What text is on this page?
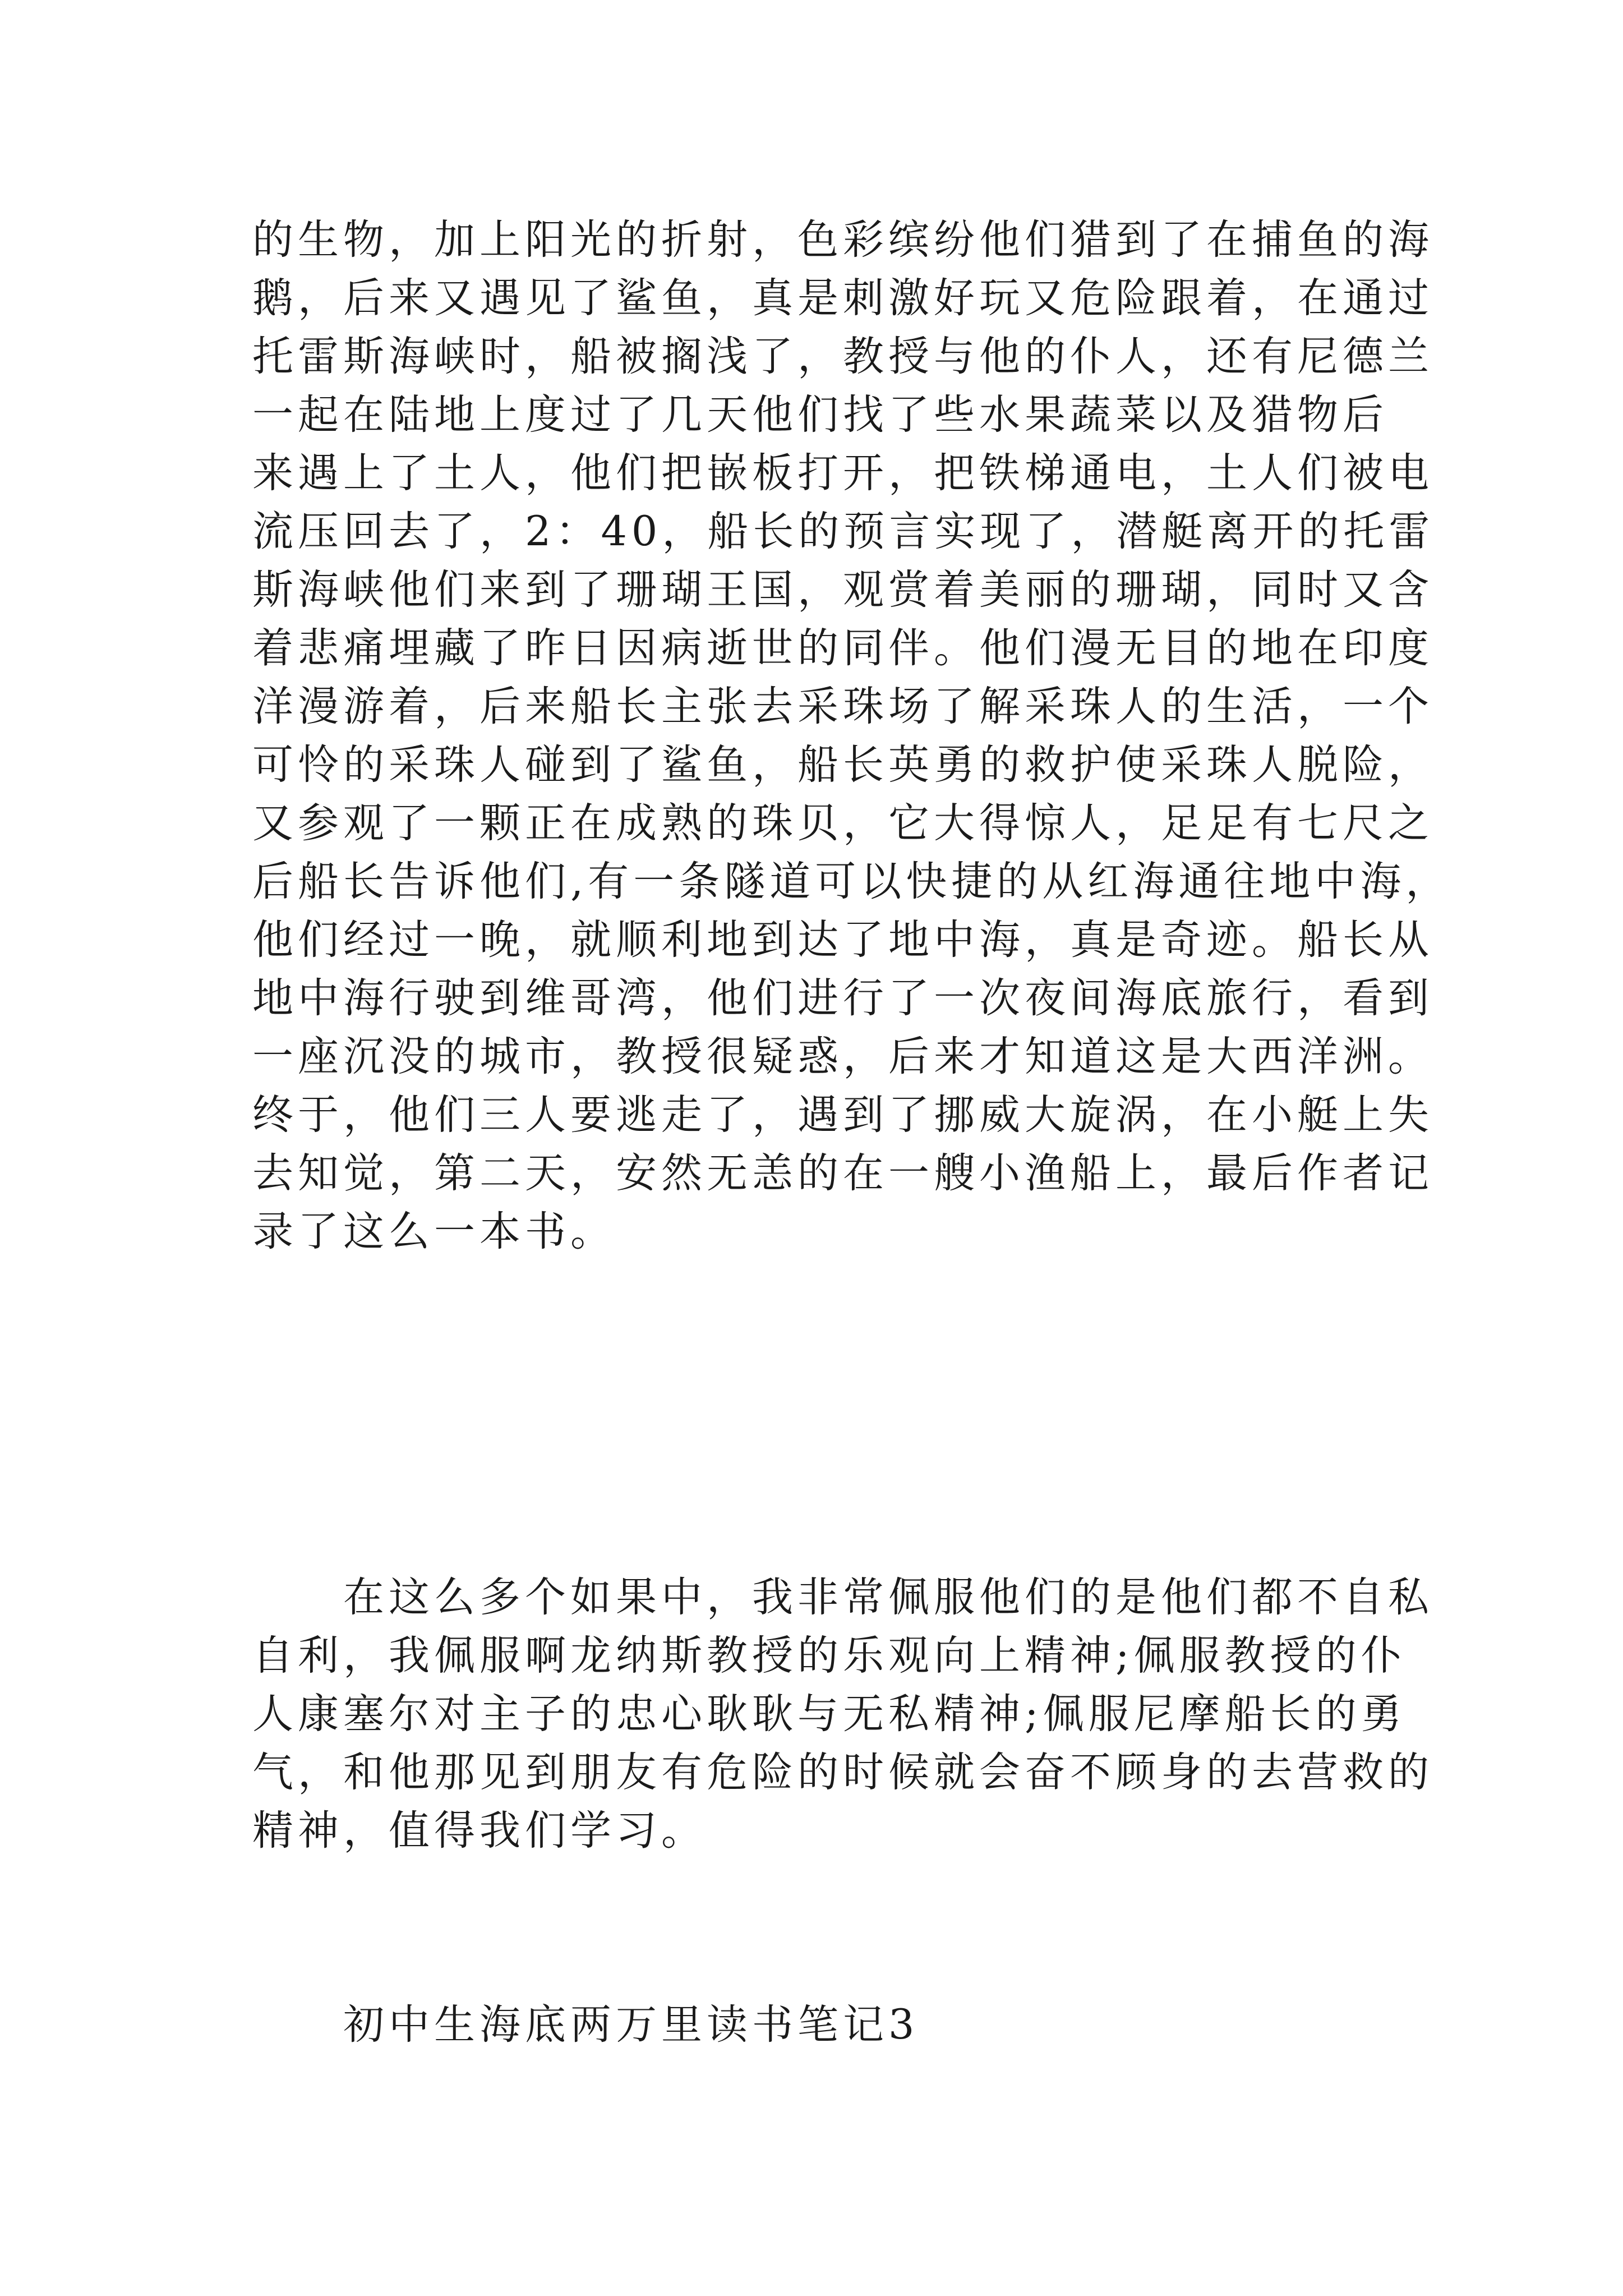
的生物，加上阳光的折射，色彩缤纷他们猎到了在捕鱼的海
鹅，后来又遇见了鲨鱼，真是刺激好玩又危险跟着，在通过
托雷斯海峡时，船被搁浅了，教授与他的仆人，还有尼德兰
一起在陆地上度过了几天他们找了些水果蔬菜以及猎物后
来遇上了土人，他们把嵌板打开，把铁梯通电，土人们被电
流压回去了，2：40，船长的预言实现了，潜艇离开的托雷
斯海峡他们来到了珊瑚王国，观赏着美丽的珊瑚，同时又含
着悲痛埋藏了昨日因病逝世的同伴。他们漫无目的地在印度
洋漫游着，后来船长主张去采珠场了解采珠人的生活，一个
可怜的采珠人碰到了鲨鱼，船长英勇的救护使采珠人脱险，
又参观了一颗正在成熟的珠贝，它大得惊人，足足有七尺之
后船长告诉他们,有一条隧道可以快捷的从红海通往地中海，
他们经过一晚，就顺利地到达了地中海，真是奇迹。船长从
地中海行驶到维哥湾，他们进行了一次夜间海底旅行，看到
一座沉没的城市，教授很疑惑，后来才知道这是大西洋洲。
终于，他们三人要逃走了，遇到了挪威大旋涡，在小艇上失
去知觉，第二天，安然无恙的在一艘小渔船上，最后作者记
录了这么一本书。
　　在这么多个如果中，我非常佩服他们的是他们都不自私
自利，我佩服啊龙纳斯教授的乐观向上精神;佩服教授的仆
人康塞尔对主子的忠心耿耿与无私精神;佩服尼摩船长的勇
气，和他那见到朋友有危险的时候就会奋不顾身的去营救的
精神，值得我们学习。
　　初中生海底两万里读书笔记3
